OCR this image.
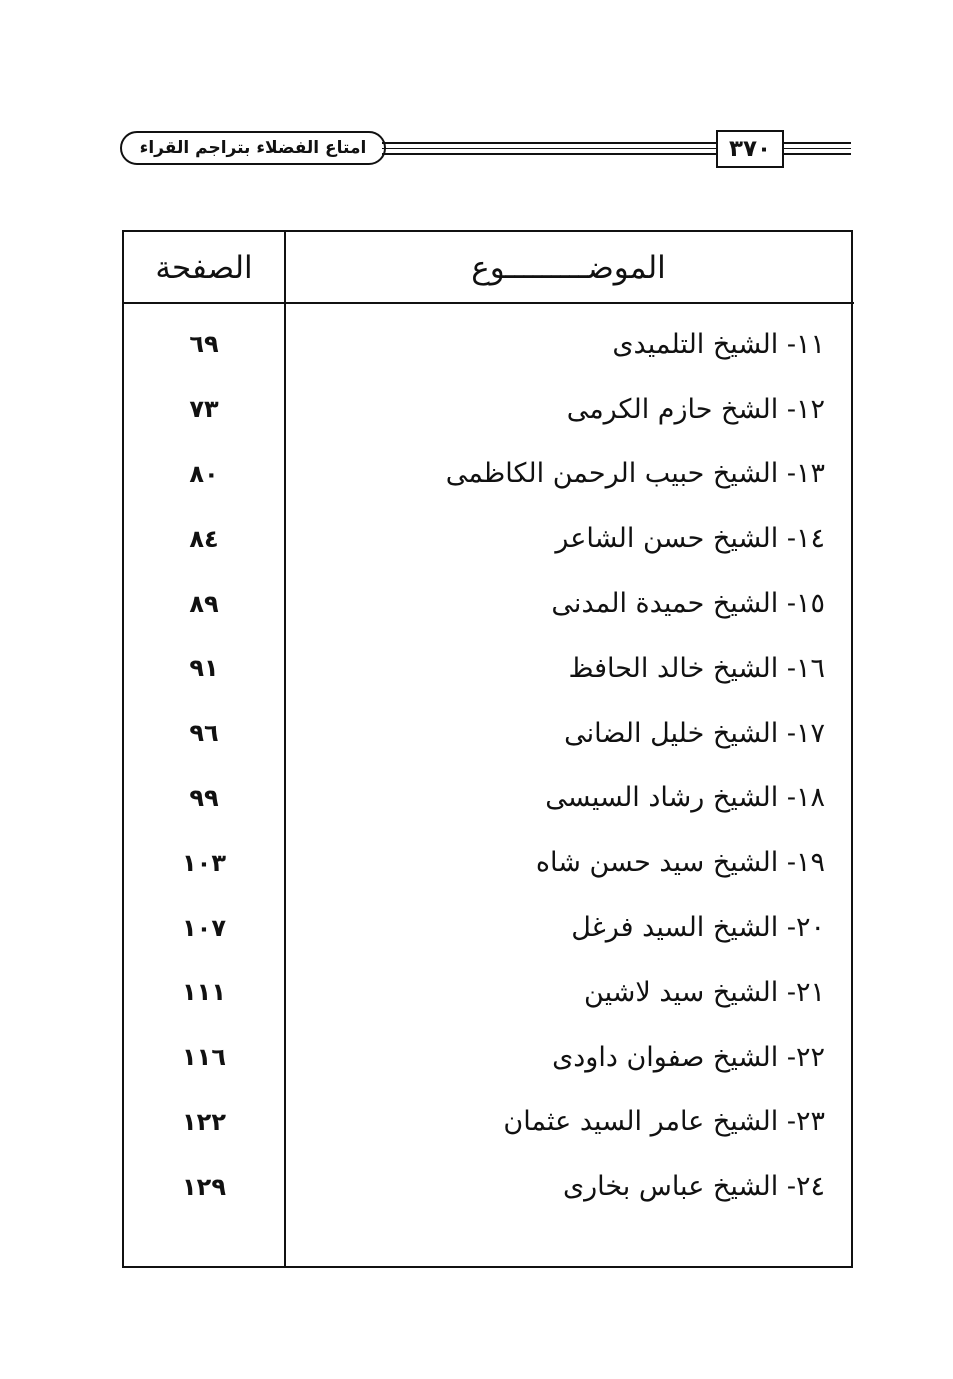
امتاع الفضلاء بتراجم القراء	٣٧٠
الصفحة	الموضـــــــــوع
٦٩	١١- الشيخ التلميدى
٧٣	١٢- الشخ حازم الكرمى
٨٠	١٣- الشيخ حبيب الرحمن الكاظمى
٨٤	١٤- الشيخ حسن الشاعر
٨٩	١٥- الشيخ حميدة المدنى
٩١	١٦- الشيخ خالد الحافظ
٩٦	١٧- الشيخ خليل الضانى
٩٩	١٨- الشيخ رشاد السيسى
١٠٣	١٩- الشيخ سيد حسن شاه
١٠٧	٢٠- الشيخ السيد فرغل
١١١	٢١- الشيخ سيد لاشين
١١٦	٢٢- الشيخ صفوان داودى
١٢٢	٢٣- الشيخ عامر السيد عثمان
١٢٩	٢٤- الشيخ عباس بخارى
